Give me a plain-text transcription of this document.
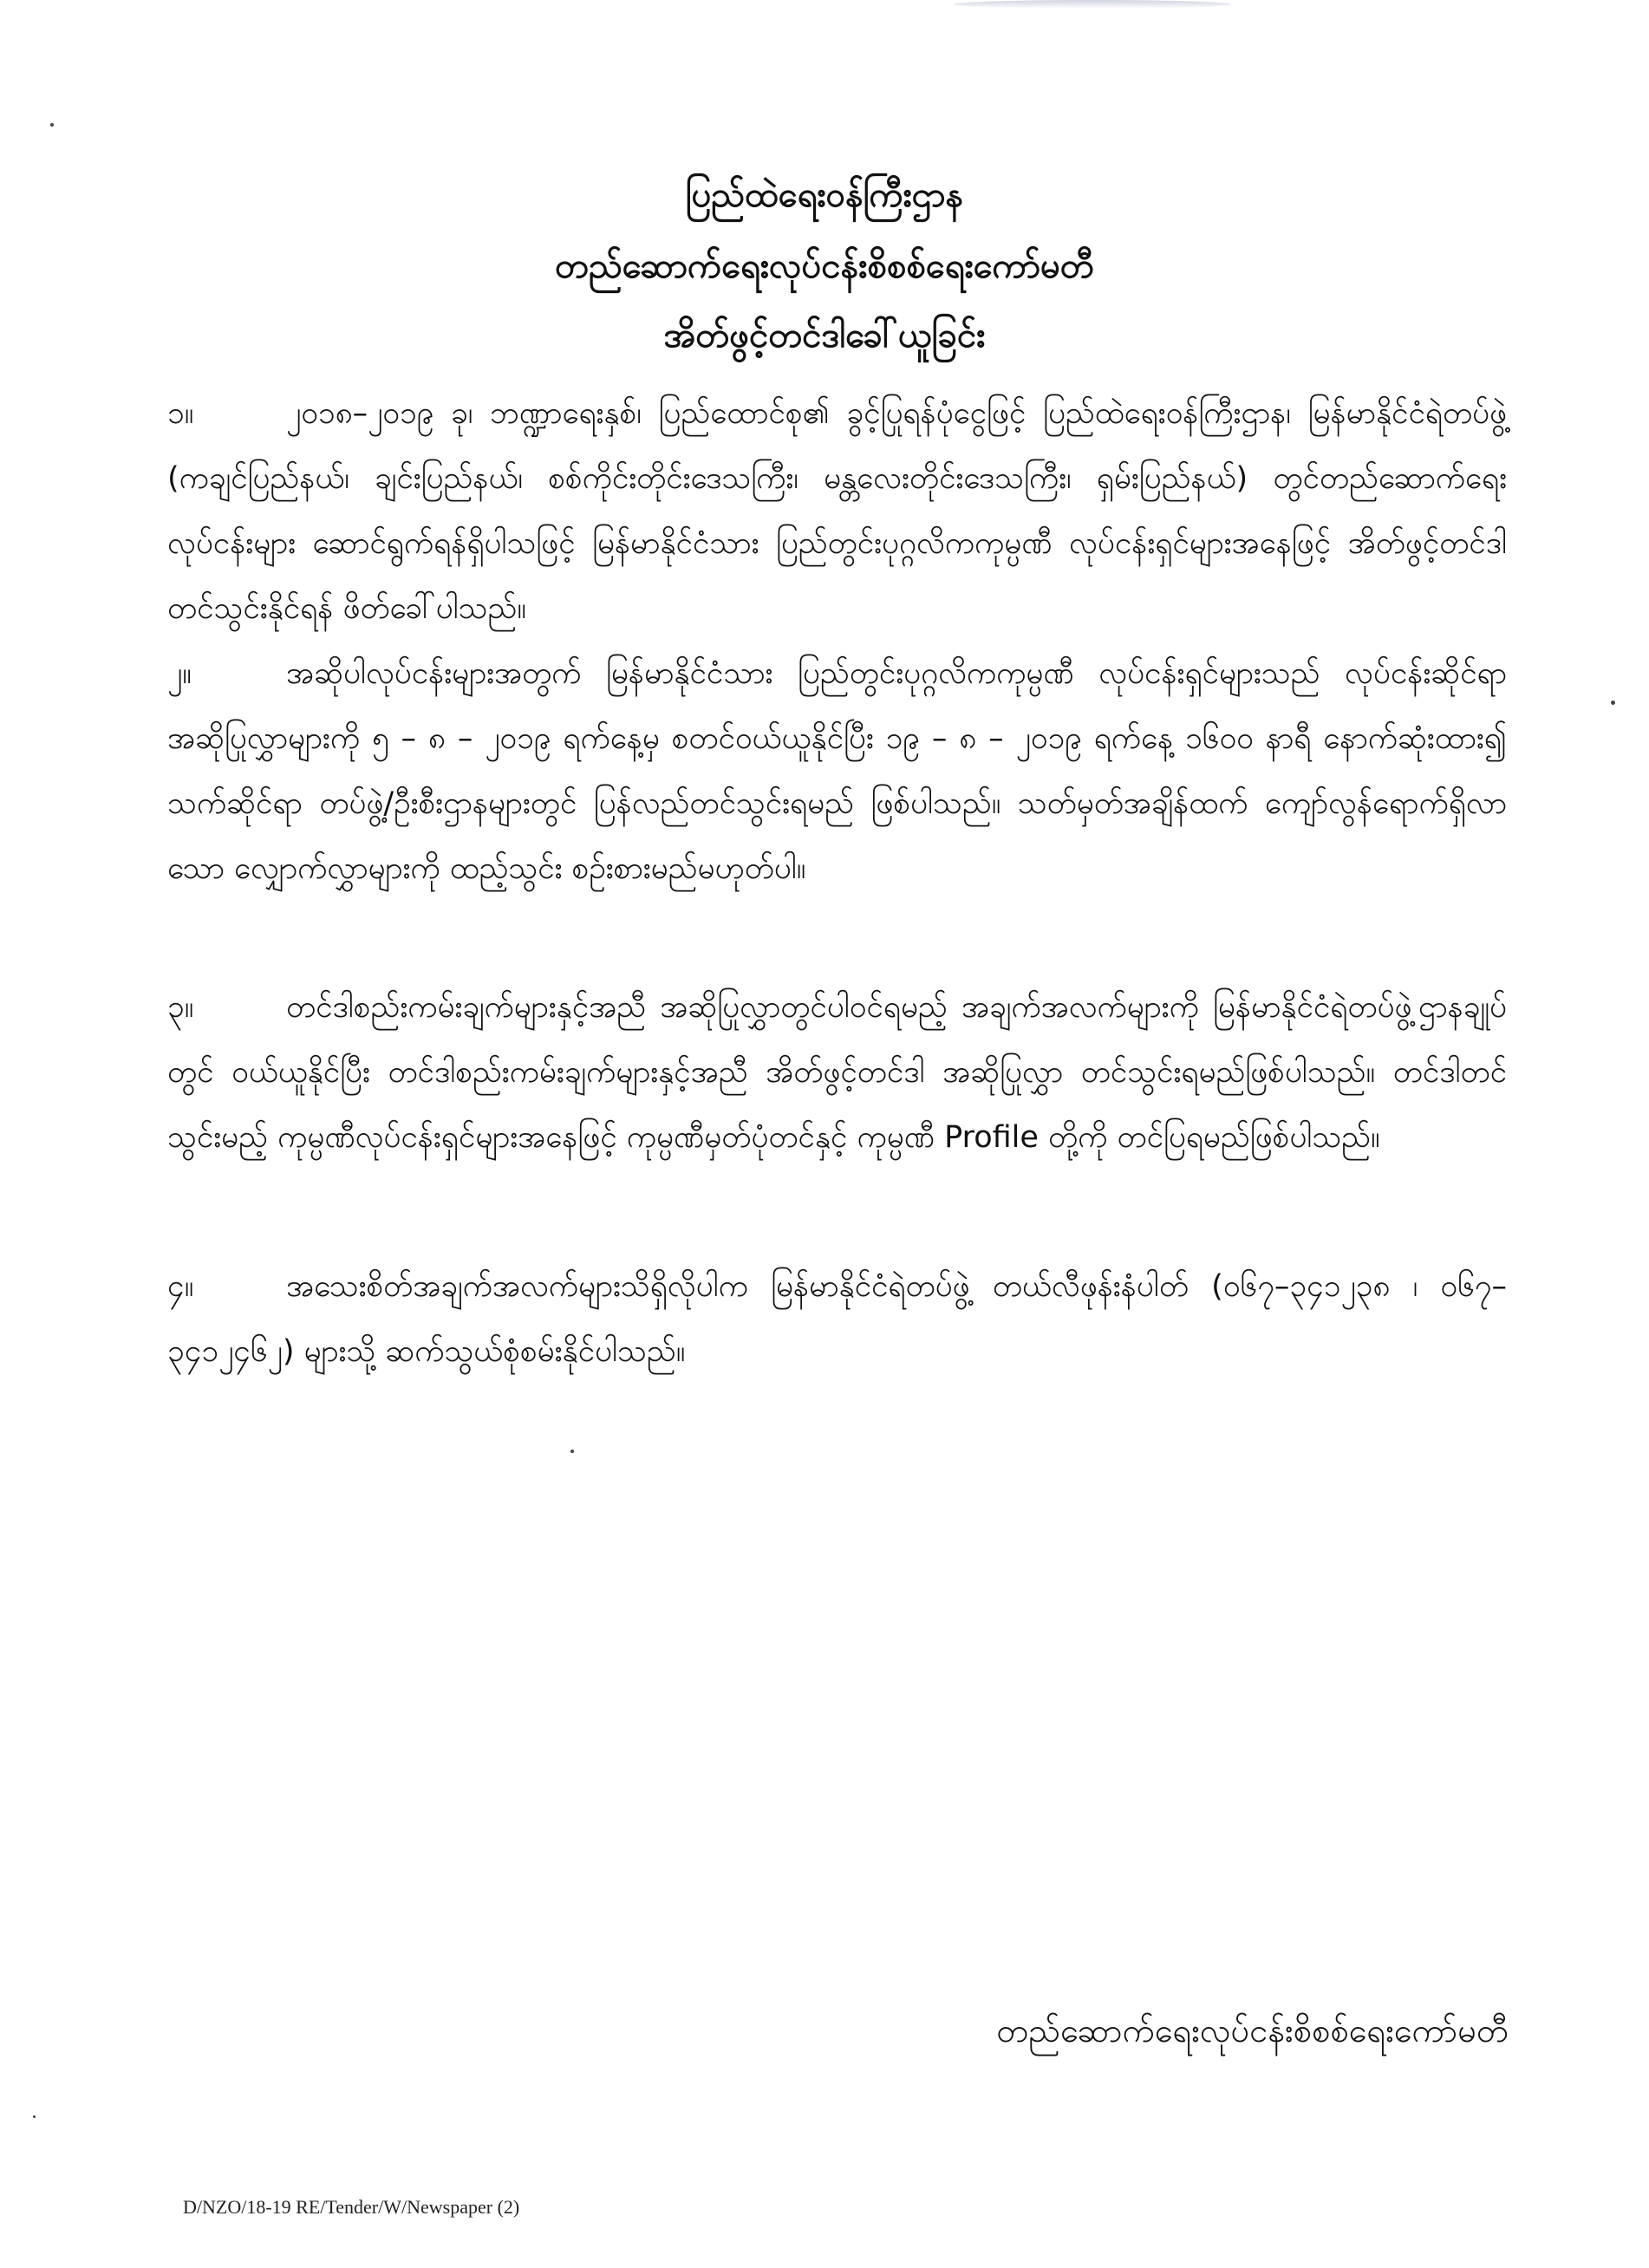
ပြည်ထဲရေးဝန်ကြီးဌာန
တည်ဆောက်ရေးလုပ်ငန်းစိစစ်ရေးကော်မတီ
အိတ်ဖွင့်တင်ဒါခေါ်ယူခြင်း
၁။	၂၀၁၈–၂၀၁၉ ခု၊ ဘဏ္ဍာရေးနှစ်၊ ပြည်ထောင်စု၏ ခွင့်ပြုရန်ပုံငွေဖြင့် ပြည်ထဲရေးဝန်ကြီးဌာန၊ မြန်မာနိုင်ငံရဲတပ်ဖွဲ့ (ကချင်ပြည်နယ်၊ ချင်းပြည်နယ်၊ စစ်ကိုင်းတိုင်းဒေသကြီး၊ မန္တလေးတိုင်းဒေသကြီး၊ ရှမ်းပြည်နယ်) တွင်တည်ဆောက်ရေးလုပ်ငန်းများ ဆောင်ရွက်ရန်ရှိပါသဖြင့် မြန်မာနိုင်ငံသား ပြည်တွင်းပုဂ္ဂလိကကုမ္ပဏီ လုပ်ငန်းရှင်များအနေဖြင့် အိတ်ဖွင့်တင်ဒါတင်သွင်းနိုင်ရန် ဖိတ်ခေါ်ပါသည်။
၂။	အဆိုပါလုပ်ငန်းများအတွက် မြန်မာနိုင်ငံသား ပြည်တွင်းပုဂ္ဂလိကကုမ္ပဏီ လုပ်ငန်းရှင်များသည် လုပ်ငန်းဆိုင်ရာအဆိုပြုလွှာများကို ၅ – ၈ – ၂၀၁၉ ရက်နေ့မှ စတင်ဝယ်ယူနိုင်ပြီး ၁၉ – ၈ – ၂၀၁၉ ရက်နေ့ ၁၆၀၀ နာရီ နောက်ဆုံးထား၍ သက်ဆိုင်ရာ တပ်ဖွဲ့/ဦးစီးဌာနများတွင် ပြန်လည်တင်သွင်းရမည် ဖြစ်ပါသည်။ သတ်မှတ်အချိန်ထက် ကျော်လွန်ရောက်ရှိလာသော လျှောက်လွှာများကို ထည့်သွင်း စဉ်းစားမည်မဟုတ်ပါ။
၃။	တင်ဒါစည်းကမ်းချက်များနှင့်အညီ အဆိုပြုလွှာတွင်ပါဝင်ရမည့် အချက်အလက်များကို မြန်မာနိုင်ငံရဲတပ်ဖွဲ့ဌာနချုပ်တွင် ဝယ်ယူနိုင်ပြီး တင်ဒါစည်းကမ်းချက်များနှင့်အညီ အိတ်ဖွင့်တင်ဒါ အဆိုပြုလွှာ တင်သွင်းရမည်ဖြစ်ပါသည်။ တင်ဒါတင်သွင်းမည့် ကုမ္ပဏီလုပ်ငန်းရှင်များအနေဖြင့် ကုမ္ပဏီမှတ်ပုံတင်နှင့် ကုမ္ပဏီ Profile တို့ကို တင်ပြရမည်ဖြစ်ပါသည်။
၄။	အသေးစိတ်အချက်အလက်များသိရှိလိုပါက မြန်မာနိုင်ငံရဲတပ်ဖွဲ့ တယ်လီဖုန်းနံပါတ် (၀၆၇–၃၄၁၂၃၈ ၊ ၀၆၇–၃၄၁၂၄၆၂) များသို့ ဆက်သွယ်စုံစမ်းနိုင်ပါသည်။
တည်ဆောက်ရေးလုပ်ငန်းစိစစ်ရေးကော်မတီ
D/NZO/18-19 RE/Tender/W/Newspaper (2)
